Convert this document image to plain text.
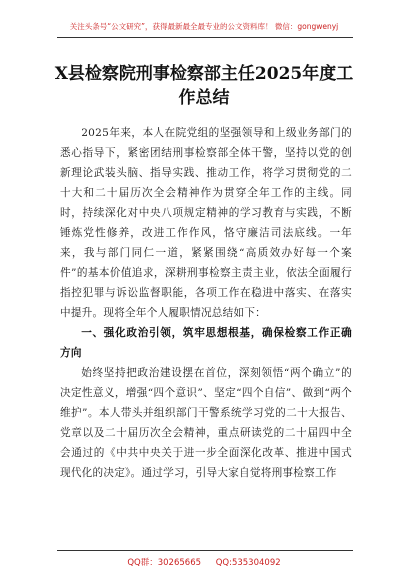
关注头条号“公文研究”，获得最新最全最专业的公文资料库！ 微信：gongwenyj
X县检察院刑事检察部主任2025年度工作总结

2025年来，本人在院党组的坚强领导和上级业务部门的悉心指导下，紧密团结刑事检察部全体干警，坚持以党的创新理论武装头脑、指导实践、推动工作，将学习贯彻党的二十大和二十届历次全会精神作为贯穿全年工作的主线。同时，持续深化对中央八项规定精神的学习教育与实践，不断锤炼党性修养，改进工作作风，恪守廉洁司法底线。一年来，我与部门同仁一道，紧紧围绕“高质效办好每一个案件”的基本价值追求，深耕刑事检察主责主业，依法全面履行指控犯罪与诉讼监督职能，各项工作在稳进中落实、在落实中提升。现将全年个人履职情况总结如下：

一、强化政治引领，筑牢思想根基，确保检察工作正确方向

始终坚持把政治建设摆在首位，深刻领悟“两个确立”的决定性意义，增强“四个意识”、坚定“四个自信”、做到“两个维护”。本人带头并组织部门干警系统学习党的二十大报告、党章以及二十届历次全会精神，重点研读党的二十届四中全会通过的《中共中央关于进一步全面深化改革、推进中国式现代化的决定》。通过学习，引导大家自觉将刑事检察工作

QQ群：30265665 QQ:535304092
